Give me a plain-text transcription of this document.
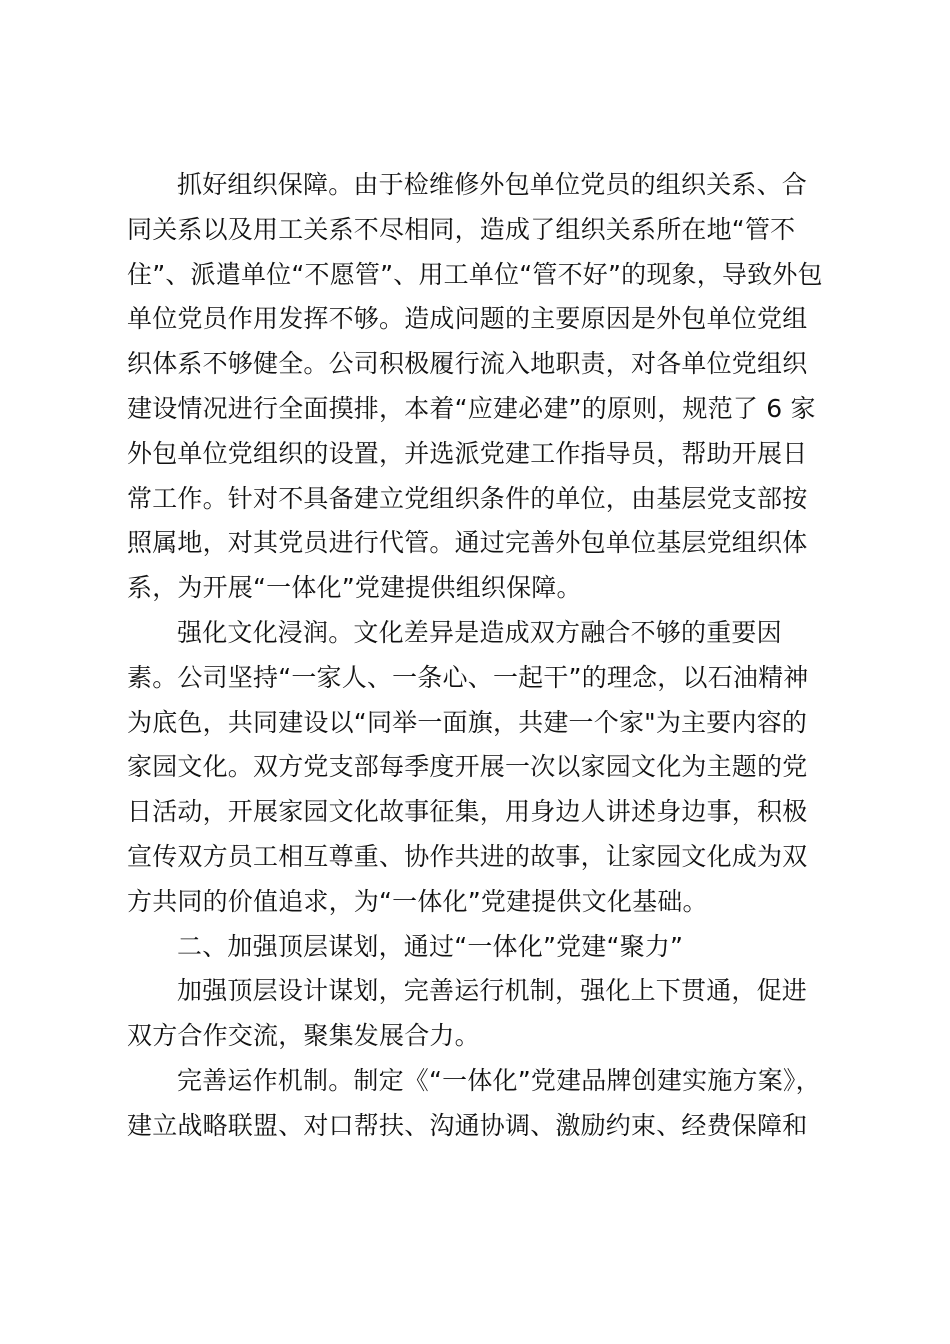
抓好组织保障。由于检维修外包单位党员的组织关系、合
同关系以及用工关系不尽相同，造成了组织关系所在地“管不
住”、派遣单位“不愿管”、用工单位“管不好”的现象，导致外包
单位党员作用发挥不够。造成问题的主要原因是外包单位党组
织体系不够健全。公司积极履行流入地职责，对各单位党组织
建设情况进行全面摸排，本着“应建必建”的原则，规范了 6 家
外包单位党组织的设置，并选派党建工作指导员，帮助开展日
常工作。针对不具备建立党组织条件的单位，由基层党支部按
照属地，对其党员进行代管。通过完善外包单位基层党组织体
系，为开展“一体化”党建提供组织保障。
强化文化浸润。文化差异是造成双方融合不够的重要因
素。公司坚持“一家人、一条心、一起干”的理念，以石油精神
为底色，共同建设以“同举一面旗，共建一个家"为主要内容的
家园文化。双方党支部每季度开展一次以家园文化为主题的党
日活动，开展家园文化故事征集，用身边人讲述身边事，积极
宣传双方员工相互尊重、协作共进的故事，让家园文化成为双
方共同的价值追求，为“一体化”党建提供文化基础。
二、加强顶层谋划，通过“一体化”党建“聚力”
加强顶层设计谋划，完善运行机制，强化上下贯通，促进
双方合作交流，聚集发展合力。
完善运作机制。制定《“一体化”党建品牌创建实施方案》，
建立战略联盟、对口帮扶、沟通协调、激励约束、经费保障和
